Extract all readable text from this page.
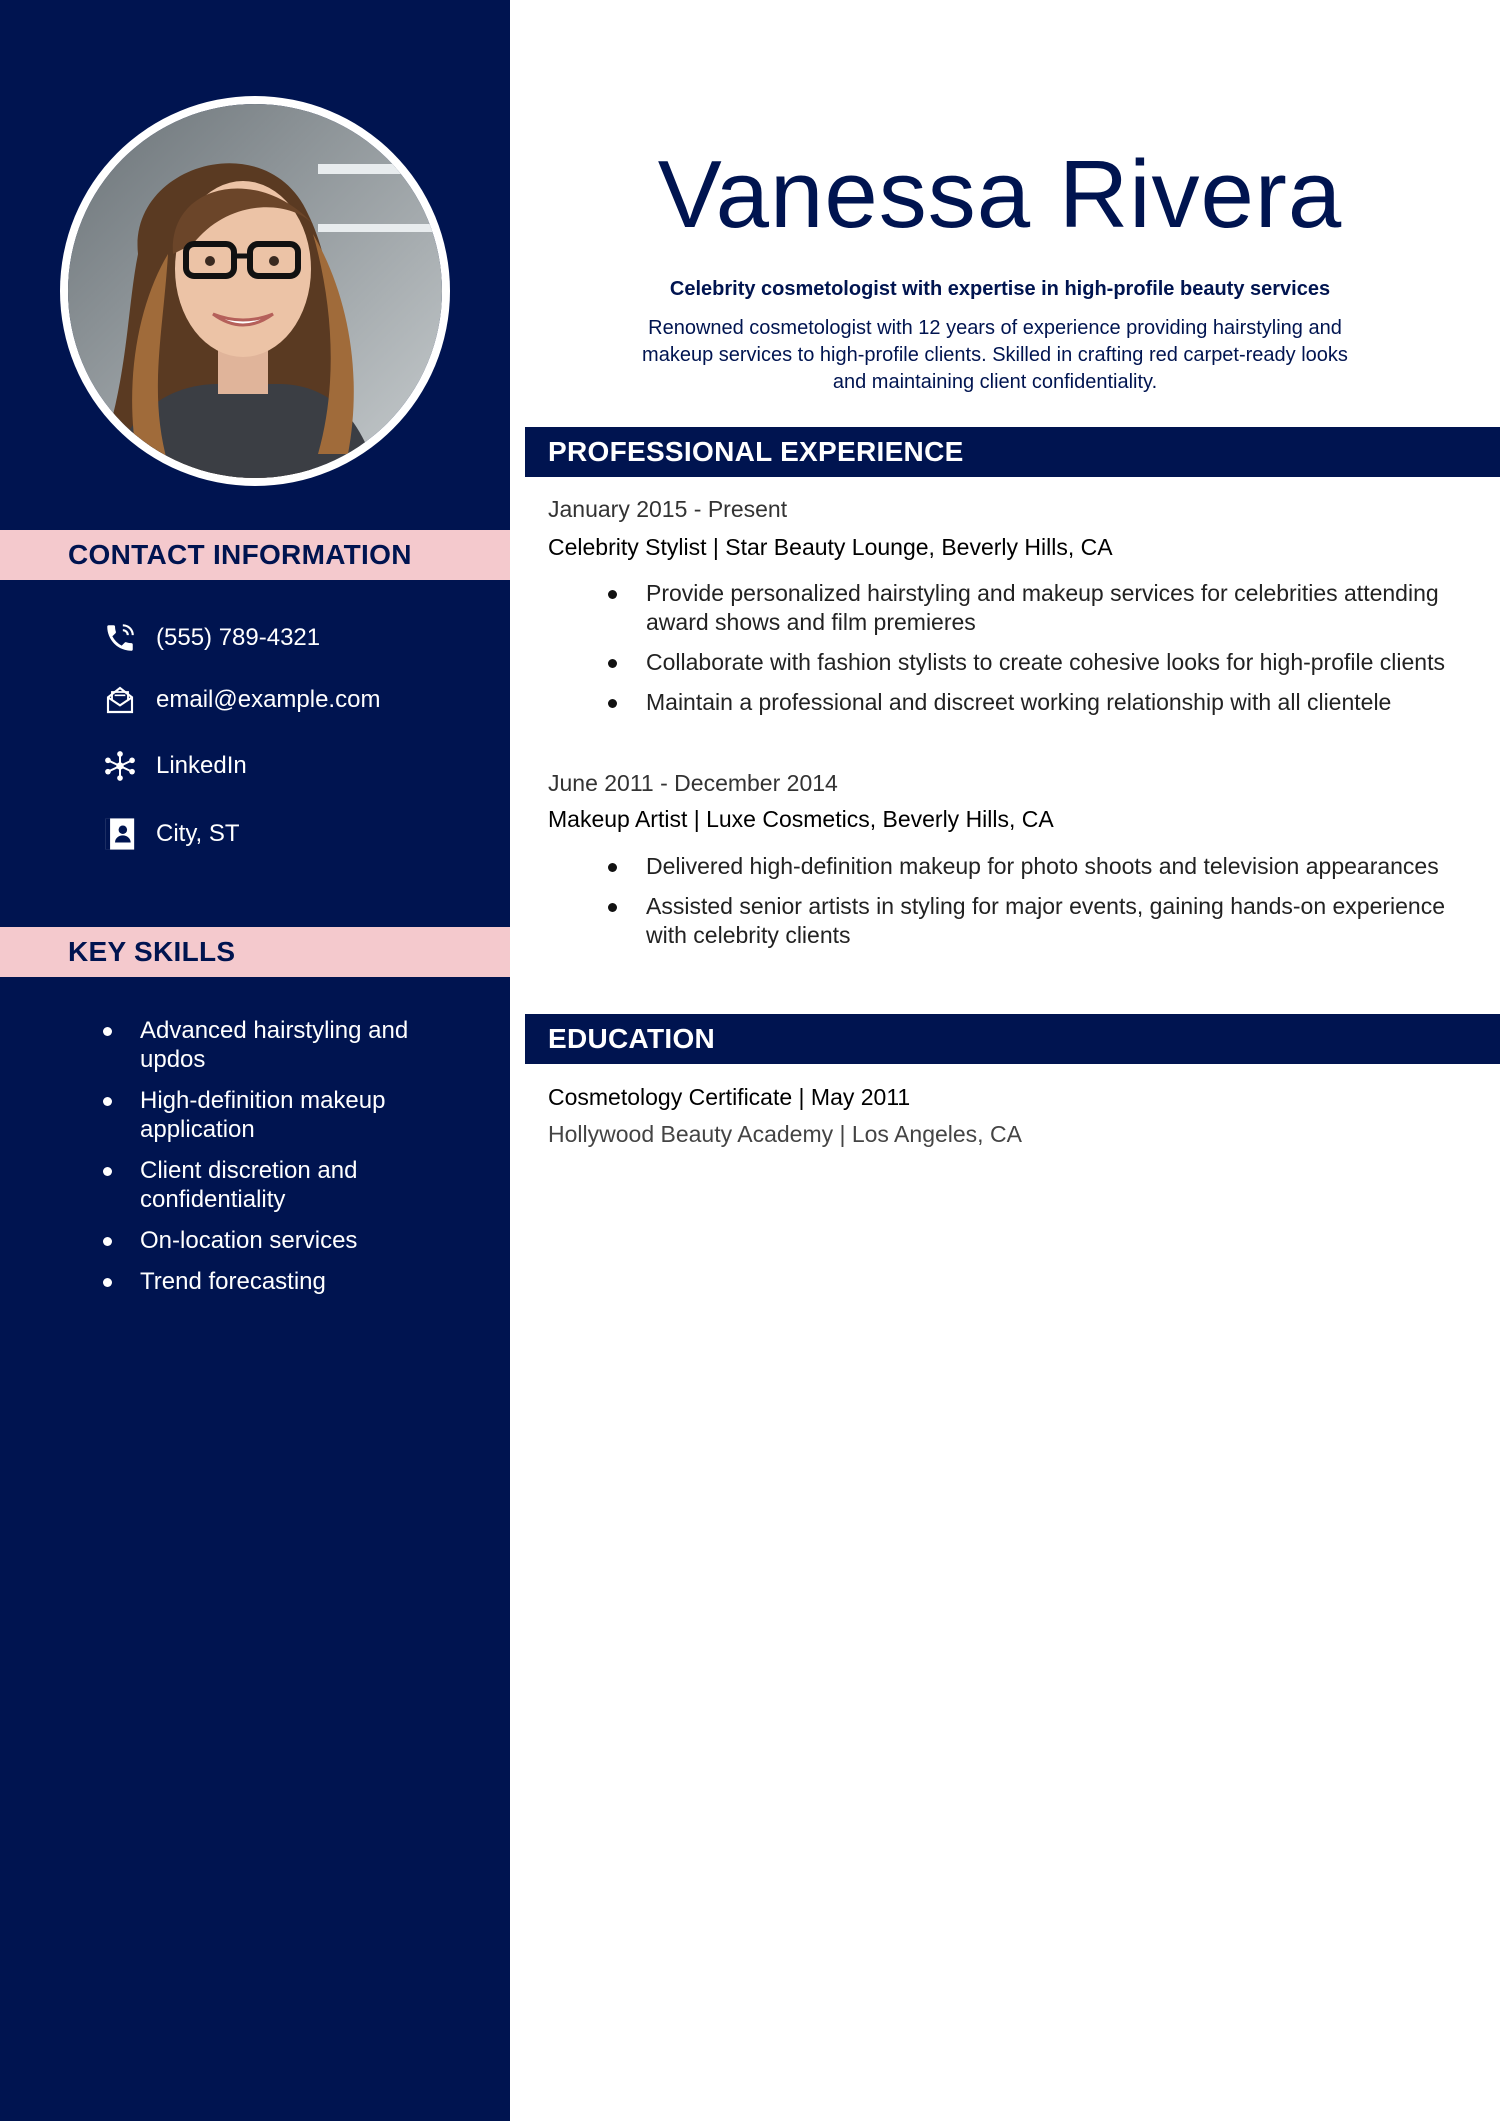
CONTACT INFORMATION
(555) 789-4321
email@example.com
LinkedIn
City, ST
KEY SKILLS
Advanced hairstyling and updos
High-definition makeup application
Client discretion and confidentiality
On-location services
Trend forecasting
Vanessa Rivera
Celebrity cosmetologist with expertise in high-profile beauty services
Renowned cosmetologist with 12 years of experience providing hairstyling and makeup services to high-profile clients. Skilled in crafting red carpet-ready looks and maintaining client confidentiality.
PROFESSIONAL EXPERIENCE
January 2015 - Present
Celebrity Stylist | Star Beauty Lounge, Beverly Hills, CA
Provide personalized hairstyling and makeup services for celebrities attending award shows and film premieres
Collaborate with fashion stylists to create cohesive looks for high-profile clients
Maintain a professional and discreet working relationship with all clientele
June 2011 - December 2014
Makeup Artist | Luxe Cosmetics, Beverly Hills, CA
Delivered high-definition makeup for photo shoots and television appearances
Assisted senior artists in styling for major events, gaining hands-on experience with celebrity clients
EDUCATION
Cosmetology Certificate | May 2011
Hollywood Beauty Academy | Los Angeles, CA
